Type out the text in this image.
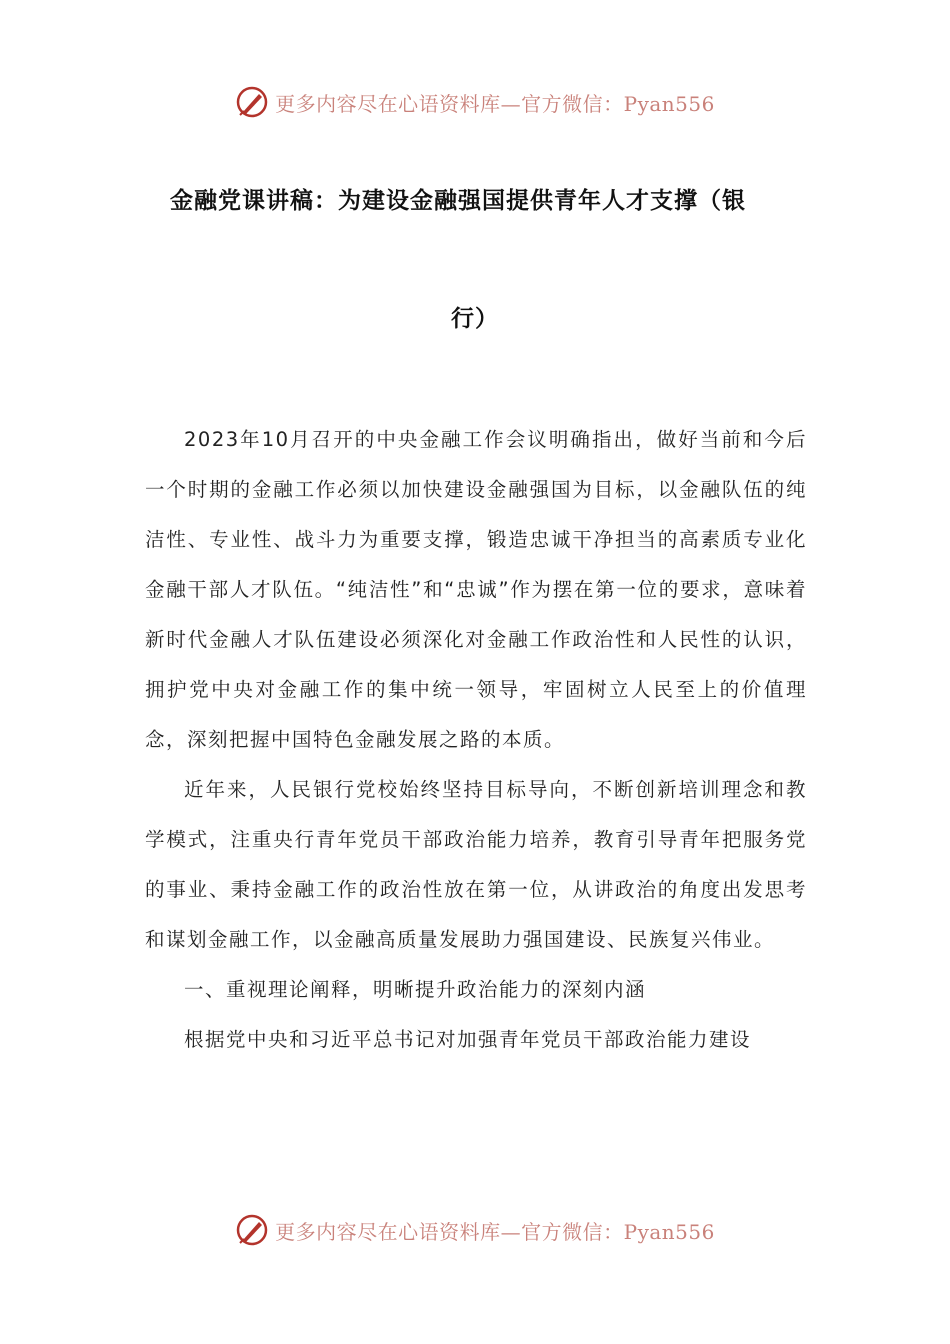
更多内容尽在心语资料库—官方微信：Pyan556
金融党课讲稿：为建设金融强国提供青年人才支撑（银
行）

2023年10月召开的中央金融工作会议明确指出，做好当前和今后一个时期的金融工作必须以加快建设金融强国为目标，以金融队伍的纯洁性、专业性、战斗力为重要支撑，锻造忠诚干净担当的高素质专业化金融干部人才队伍。“纯洁性”和“忠诚”作为摆在第一位的要求，意味着新时代金融人才队伍建设必须深化对金融工作政治性和人民性的认识，拥护党中央对金融工作的集中统一领导，牢固树立人民至上的价值理念，深刻把握中国特色金融发展之路的本质。

近年来，人民银行党校始终坚持目标导向，不断创新培训理念和教学模式，注重央行青年党员干部政治能力培养，教育引导青年把服务党的事业、秉持金融工作的政治性放在第一位，从讲政治的角度出发思考和谋划金融工作，以金融高质量发展助力强国建设、民族复兴伟业。

一、重视理论阐释，明晰提升政治能力的深刻内涵

根据党中央和习近平总书记对加强青年党员干部政治能力建设

更多内容尽在心语资料库—官方微信：Pyan556
